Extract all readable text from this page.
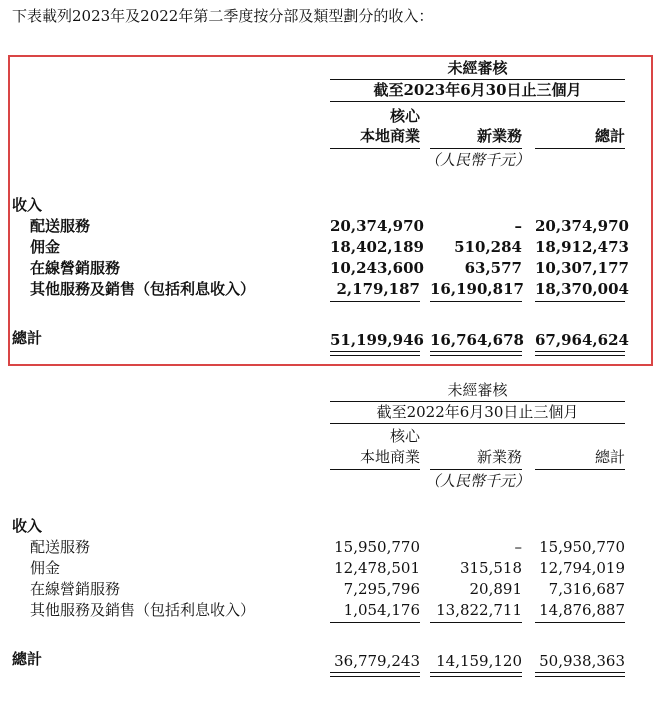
下表載列2023年及2022年第二季度按分部及類型劃分的收入：
未經審核
截至2023年6月30日止三個月
核心
本地商業	新業務	總計
（人民幣千元）
收入
配送服務	20,374,970	– 20,374,970
佣金	18,402,189	510,284 18,912,473
在線營銷服務	10,243,600	63,577 10,307,177
其他服務及銷售（包括利息收入）	2,179,187 16,190,817 18,370,004
總計	51,199,946 16,764,678 67,964,624
未經審核
截至2022年6月30日止三個月
核心
本地商業	新業務	總計
（人民幣千元）
收入
配送服務	15,950,770	– 15,950,770
佣金	12,478,501	315,518 12,794,019
在線營銷服務	7,295,796	20,891	7,316,687
其他服務及銷售（包括利息收入）	1,054,176	13,822,711 14,876,887
總計	36,779,243	14,159,120 50,938,363
